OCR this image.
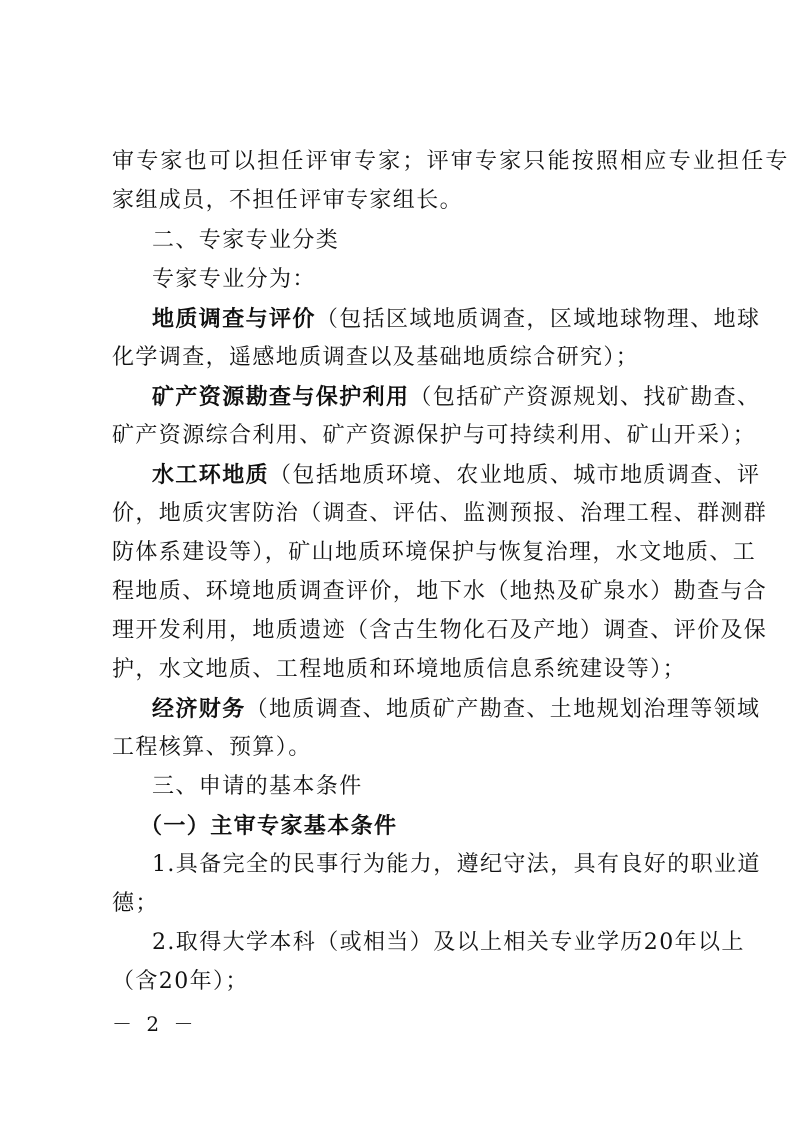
审专家也可以担任评审专家；评审专家只能按照相应专业担任专
家组成员，不担任评审专家组长。
二、专家专业分类
专家专业分为：
地质调查与评价（包括区域地质调查，区域地球物理、地球
化学调查，遥感地质调查以及基础地质综合研究）；
矿产资源勘查与保护利用（包括矿产资源规划、找矿勘查、
矿产资源综合利用、矿产资源保护与可持续利用、矿山开采）；
水工环地质（包括地质环境、农业地质、城市地质调查、评
价，地质灾害防治（调查、评估、监测预报、治理工程、群测群
防体系建设等），矿山地质环境保护与恢复治理，水文地质、工
程地质、环境地质调查评价，地下水（地热及矿泉水）勘查与合
理开发利用，地质遗迹（含古生物化石及产地）调查、评价及保
护，水文地质、工程地质和环境地质信息系统建设等）；
经济财务（地质调查、地质矿产勘查、土地规划治理等领域
工程核算、预算）。
三、申请的基本条件
（一）主审专家基本条件
1.具备完全的民事行为能力，遵纪守法，具有良好的职业道
德；
2.取得大学本科（或相当）及以上相关专业学历20年以上
（含20年）；
－ 2 －
